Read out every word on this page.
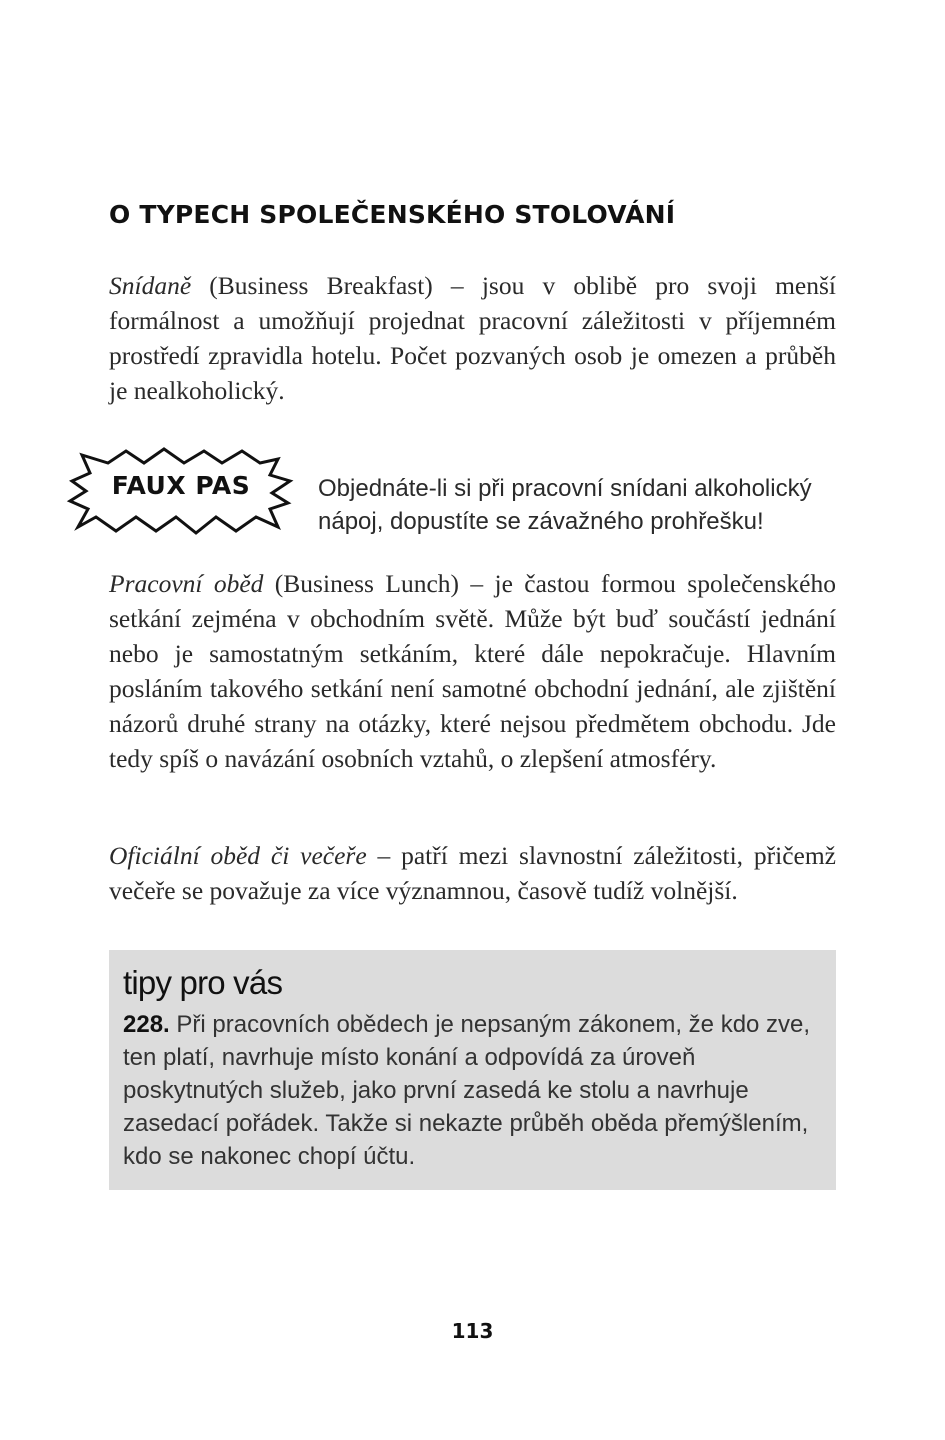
O TYPECH SPOLEČENSKÉHO STOLOVÁNÍ
Snídaně (Business Breakfast) – jsou v oblibě pro svoji menší formálnost a umožňují projednat pracovní záležitosti v příjemném prostředí zpravidla hotelu. Počet pozvaných osob je omezen a průběh je nealkoholický.
FAUX PAS	Objednáte-li si při pracovní snídani alkoholický nápoj, dopustíte se závažného prohřešku!
Pracovní oběd (Business Lunch) – je častou formou společenského setkání zejména v obchodním světě. Může být buď součástí jednání nebo je samostatným setkáním, které dále nepokračuje. Hlavním posláním takového setkání není samotné obchodní jednání, ale zjištění názorů druhé strany na otázky, které nejsou předmětem obchodu. Jde tedy spíš o navázání osobních vztahů, o zlepšení atmosféry.
Oficiální oběd či večeře – patří mezi slavnostní záležitosti, přičemž večeře se považuje za více významnou, časově tudíž volnější.
tipy pro vás
228. Při pracovních obědech je nepsaným zákonem, že kdo zve, ten platí, navrhuje místo konání a odpovídá za úroveň poskytnutých služeb, jako první zasedá ke stolu a navrhuje zasedací pořádek. Takže si nekazte průběh oběda přemýšlením, kdo se nakonec chopí účtu.
113
